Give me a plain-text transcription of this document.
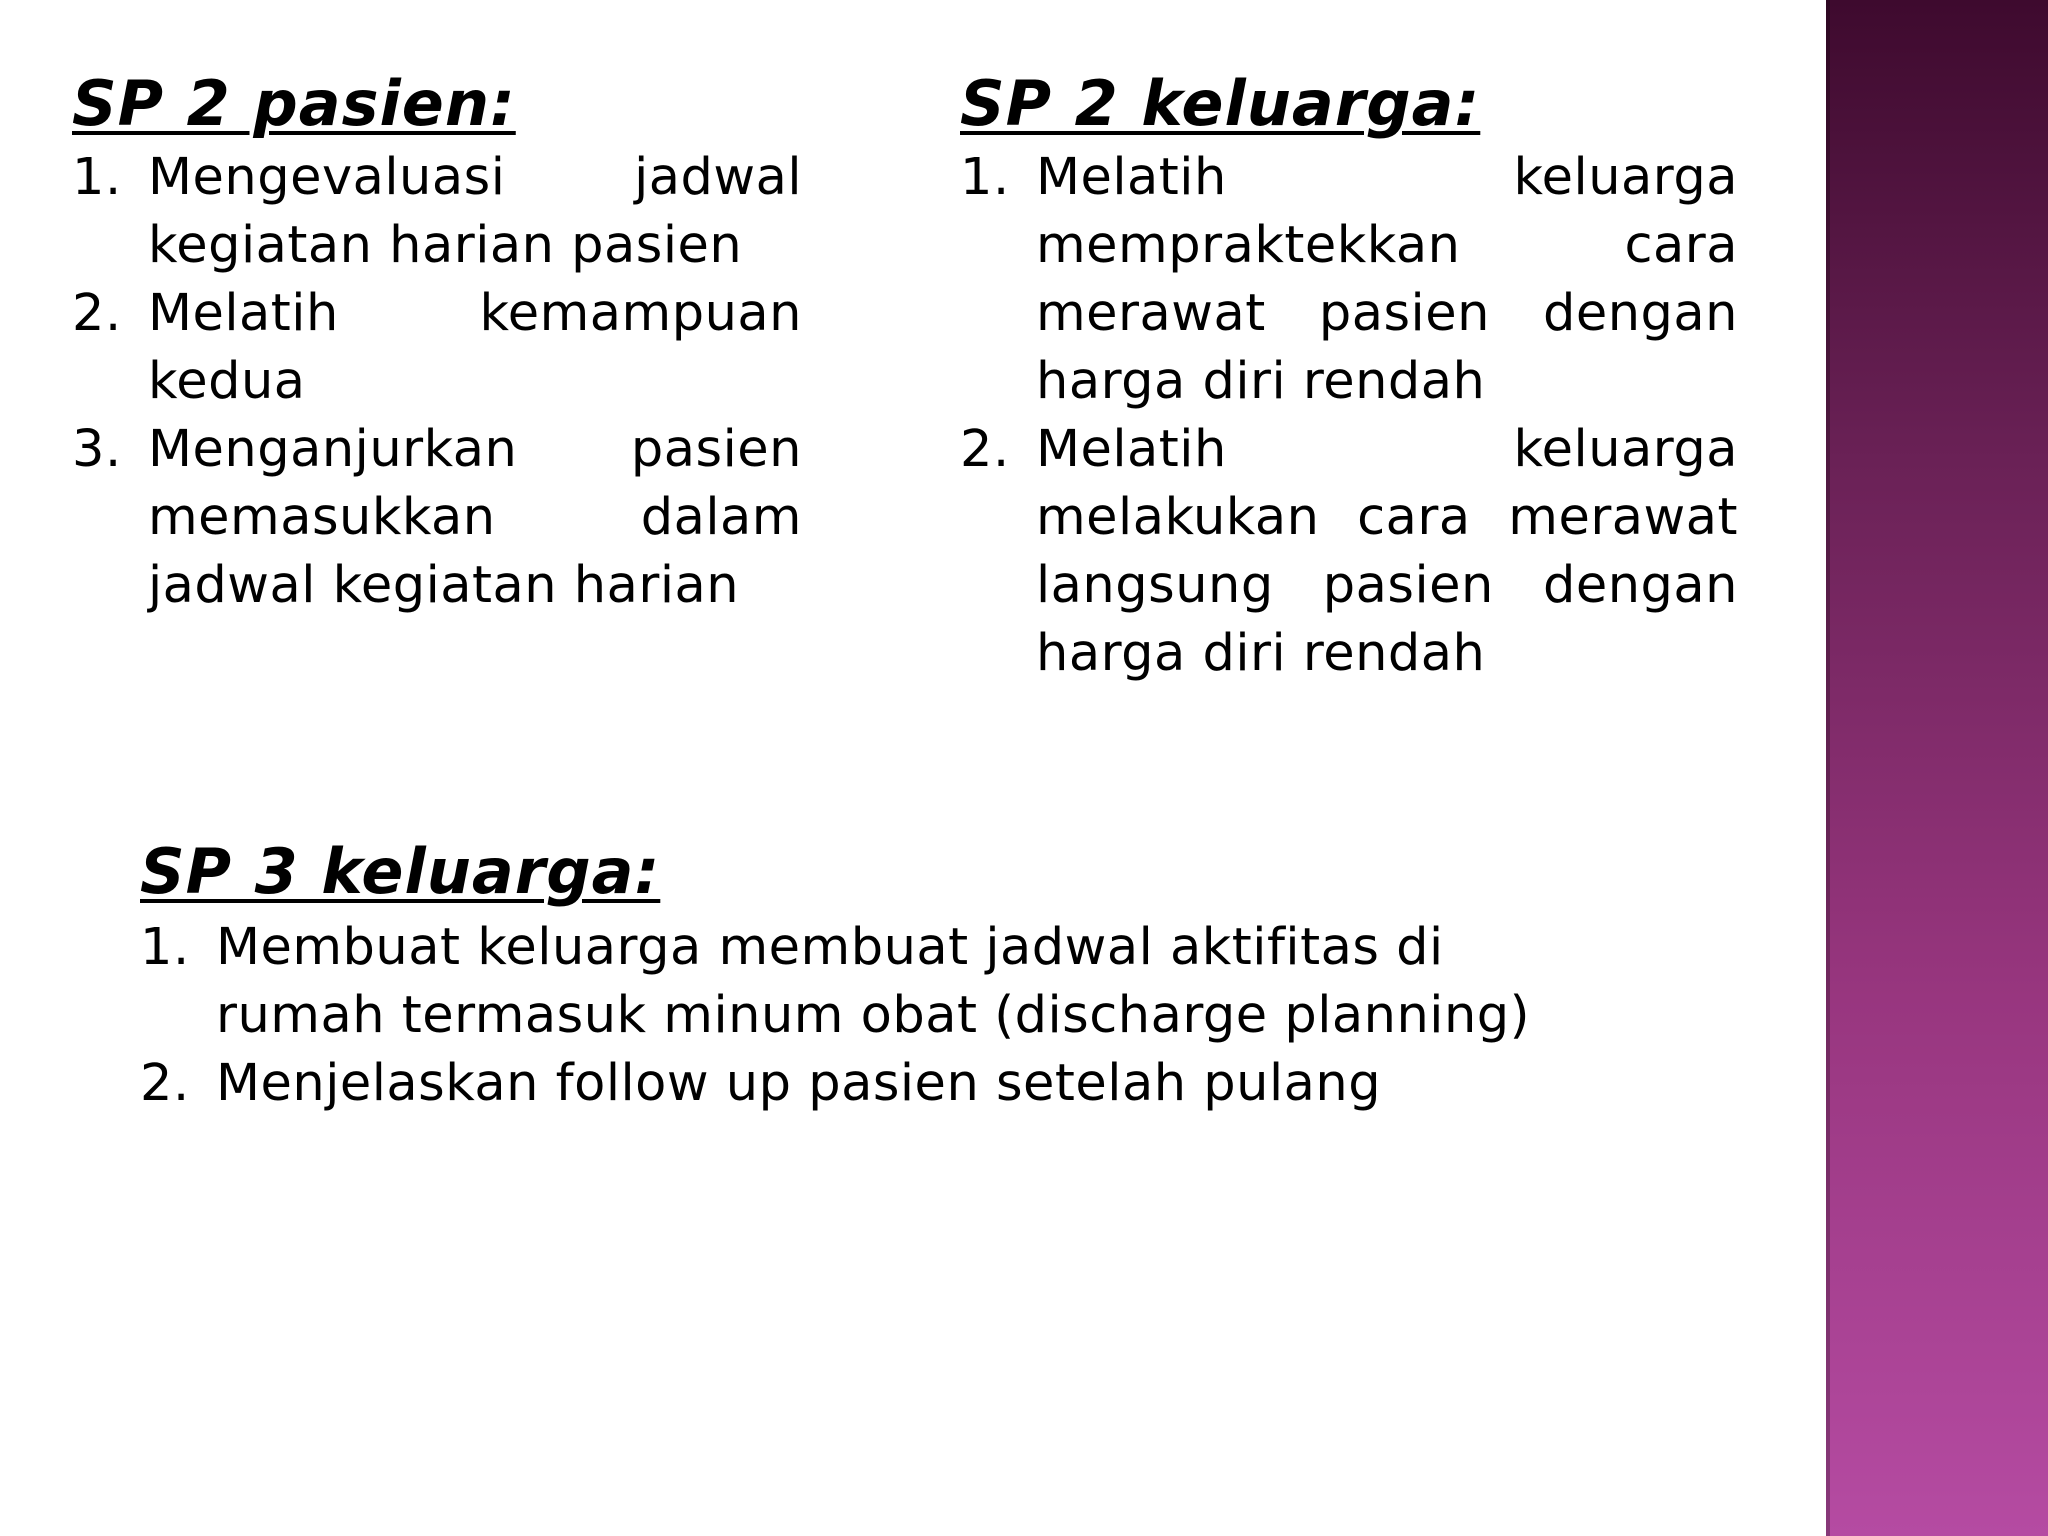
SP 2 pasien:
1. Mengevaluasi jadwal kegiatan harian pasien
2. Melatih kemampuan kedua
3. Menganjurkan pasien memasukkan dalam jadwal kegiatan harian
SP 2 keluarga:
1. Melatih keluarga mempraktekkan cara merawat pasien dengan harga diri rendah
2. Melatih keluarga melakukan cara merawat langsung pasien dengan harga diri rendah
SP 3 keluarga:
1. Membuat keluarga membuat jadwal aktifitas di rumah termasuk minum obat (discharge planning)
2. Menjelaskan follow up pasien setelah pulang
